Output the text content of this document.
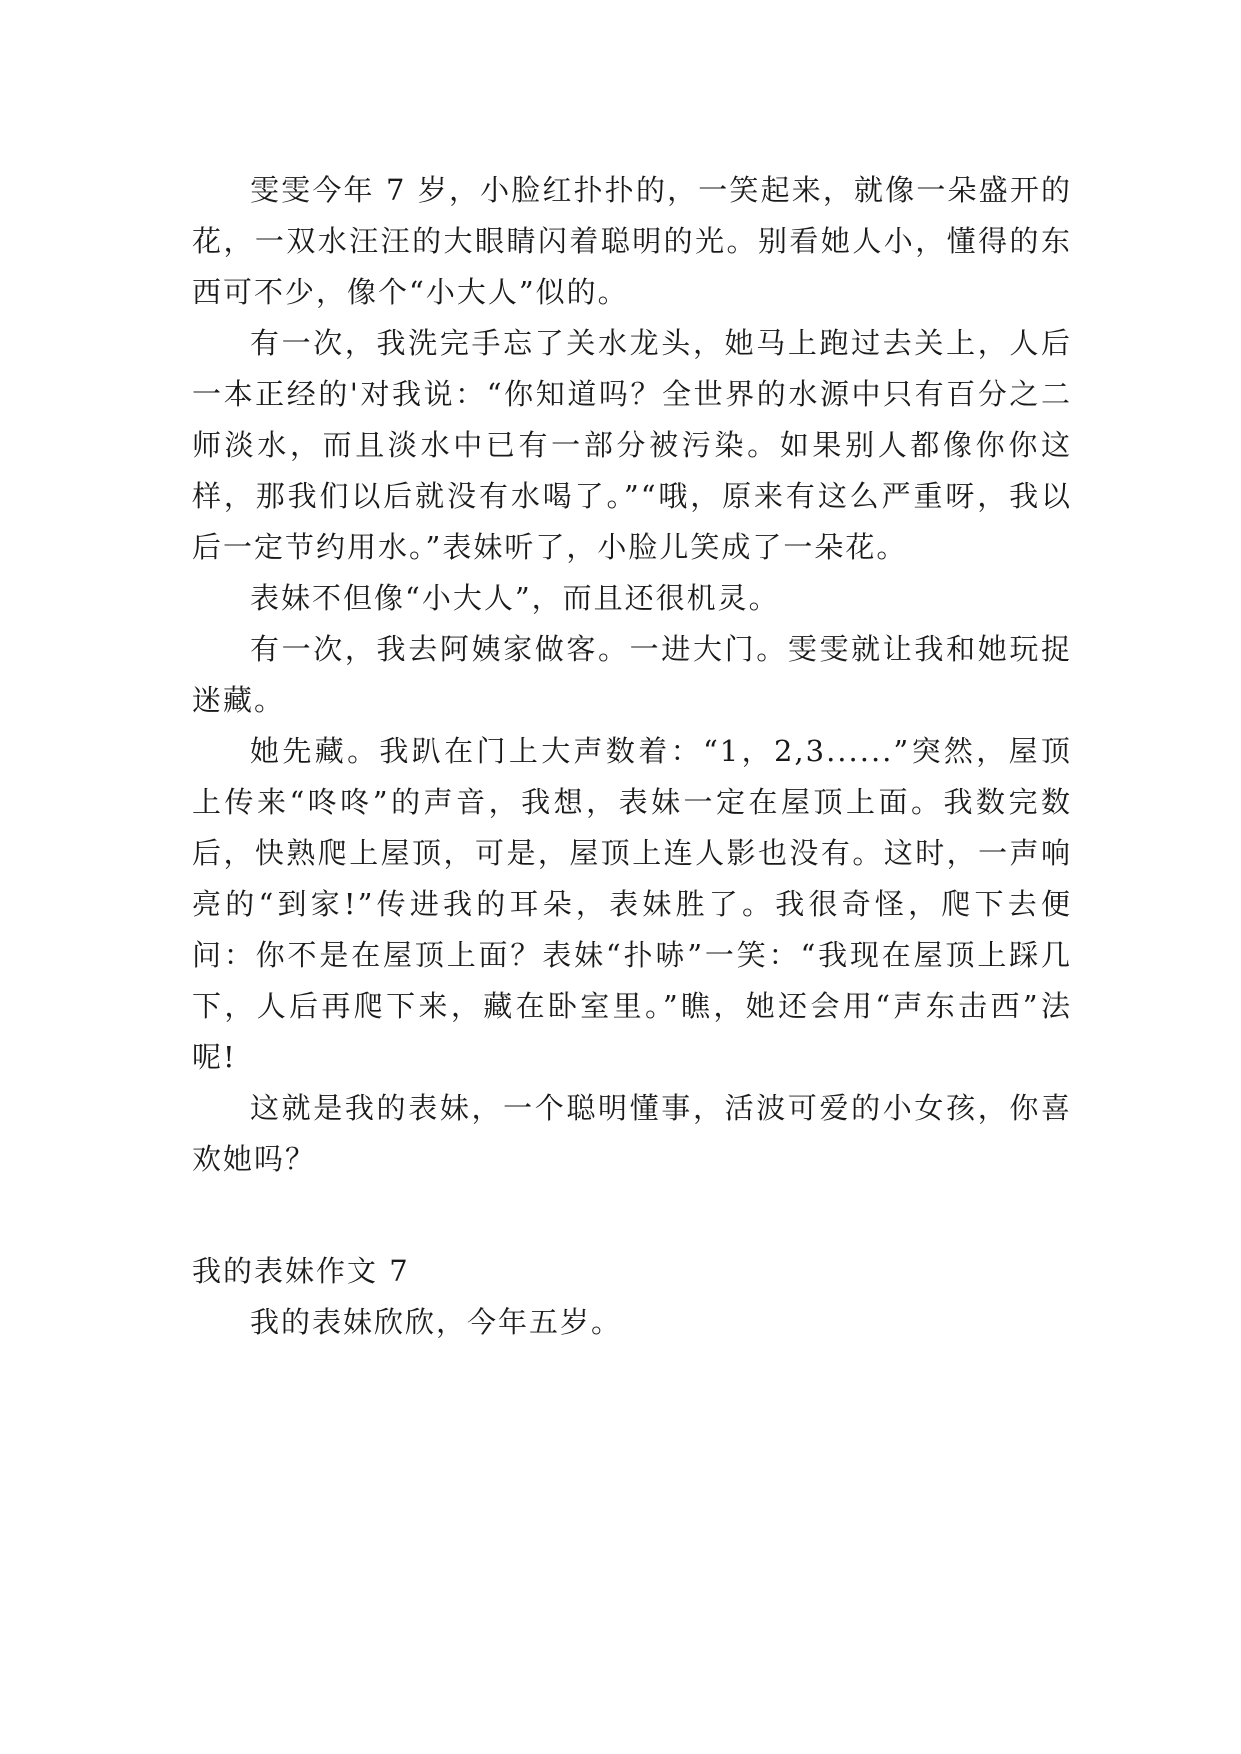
雯雯今年 7 岁，小脸红扑扑的，一笑起来，就像一朵盛开的花，一双水汪汪的大眼睛闪着聪明的光。别看她人小，懂得的东西可不少，像个“小大人”似的。

有一次，我洗完手忘了关水龙头，她马上跑过去关上，人后一本正经的'对我说：“你知道吗？全世界的水源中只有百分之二师淡水，而且淡水中已有一部分被污染。如果别人都像你你这样，那我们以后就没有水喝了。”“哦，原来有这么严重呀，我以后一定节约用水。”表妹听了，小脸儿笑成了一朵花。

表妹不但像“小大人”，而且还很机灵。

有一次，我去阿姨家做客。一进大门。雯雯就让我和她玩捉迷藏。

她先藏。我趴在门上大声数着：“1，2,3......”突然，屋顶上传来“咚咚”的声音，我想，表妹一定在屋顶上面。我数完数后，快熟爬上屋顶，可是，屋顶上连人影也没有。这时，一声响亮的“到家!”传进我的耳朵，表妹胜了。我很奇怪，爬下去便问：你不是在屋顶上面？表妹“扑哧”一笑：“我现在屋顶上踩几下，人后再爬下来，藏在卧室里。”瞧，她还会用“声东击西”法呢!

这就是我的表妹，一个聪明懂事，活波可爱的小女孩，你喜欢她吗？

我的表妹作文 7

我的表妹欣欣，今年五岁。
